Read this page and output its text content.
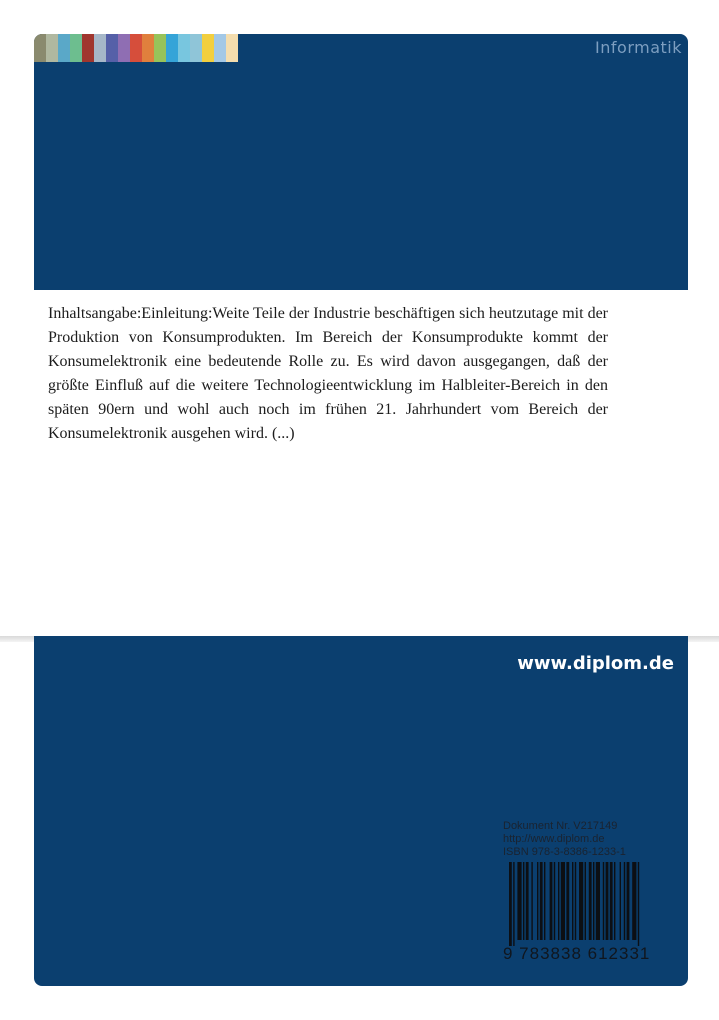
Informatik
Inhaltsangabe:Einleitung:Weite Teile der Industrie beschäftigen sich heutzutage mit der Produktion von Konsumprodukten. Im Bereich der Konsumprodukte kommt der Konsumelektronik eine bedeutende Rolle zu. Es wird davon ausgegangen, daß der größte Einfluß auf die weitere Technologieentwicklung im Halbleiter-Bereich in den späten 90ern und wohl auch noch im frühen 21. Jahrhundert vom Bereich der Konsumelektronik ausgehen wird. (...)
www.diplom.de
Dokument Nr. V217149
http://www.diplom.de
ISBN 978-3-8386-1233-1
9 783838 612331
